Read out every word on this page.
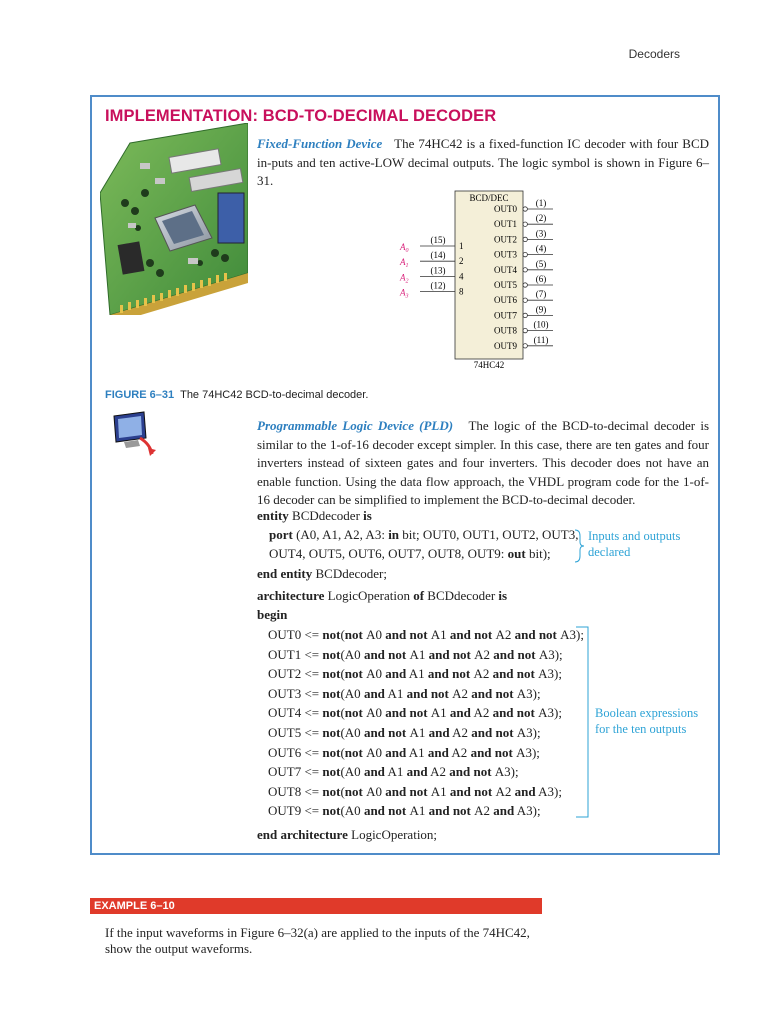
Decoders
IMPLEMENTATION: BCD-TO-DECIMAL DECODER

Fixed-Function Device The 74HC42 is a fixed-function IC decoder with four BCD in-puts and ten active-LOW decimal outputs. The logic symbol is shown in Figure 6–31.

BCD/DEC
74HC42
OUT0
(1)
OUT1
(2)
OUT2
(3)
OUT3
(4)
OUT4
(5)
OUT5
(6)
OUT6
(7)
OUT7
(9)
OUT8
(10)
OUT9
(11)
(15)
1
$A_0$ (14)
2
$A_1$ (13)
4
$A_2$ (12)
8
$A_3$
FIGURE 6–31 The 74HC42 BCD-to-decimal decoder.

Programmable Logic Device (PLD) The logic of the BCD-to-decimal decoder is similar to the 1-of-16 decoder except simpler. In this case, there are ten gates and four inverters instead of sixteen gates and four inverters. This decoder does not have an enable function. Using the data flow approach, the VHDL program code for the 1-of-16 decoder can be simplified to implement the BCD-to-decimal decoder.

entity BCDdecoder is
port (A0, A1, A2, A3: in bit; OUT0, OUT1, OUT2, OUT3,
OUT4, OUT5, OUT6, OUT7, OUT8, OUT9: out bit);
end entity BCDdecoder;
architecture LogicOperation of BCDdecoder is
begin
OUT0 <= not(not A0 and not A1 and not A2 and not A3);
OUT1 <= not(A0 and not A1 and not A2 and not A3);
OUT2 <= not(not A0 and A1 and not A2 and not A3);
OUT3 <= not(A0 and A1 and not A2 and not A3);
OUT4 <= not(not A0 and not A1 and A2 and not A3);
OUT5 <= not(A0 and not A1 and A2 and not A3);
OUT6 <= not(not A0 and A1 and A2 and not A3);
OUT7 <= not(A0 and A1 and A2 and not A3);
OUT8 <= not(not A0 and not A1 and not A2 and A3);
OUT9 <= not(A0 and not A1 and not A2 and A3);
end architecture LogicOperation;
Inputs and outputs
declared
Boolean expressions
for the ten outputs
EXAMPLE 6–10
If the input waveforms in Figure 6–32(a) are applied to the inputs of the 74HC42, show the output waveforms.
